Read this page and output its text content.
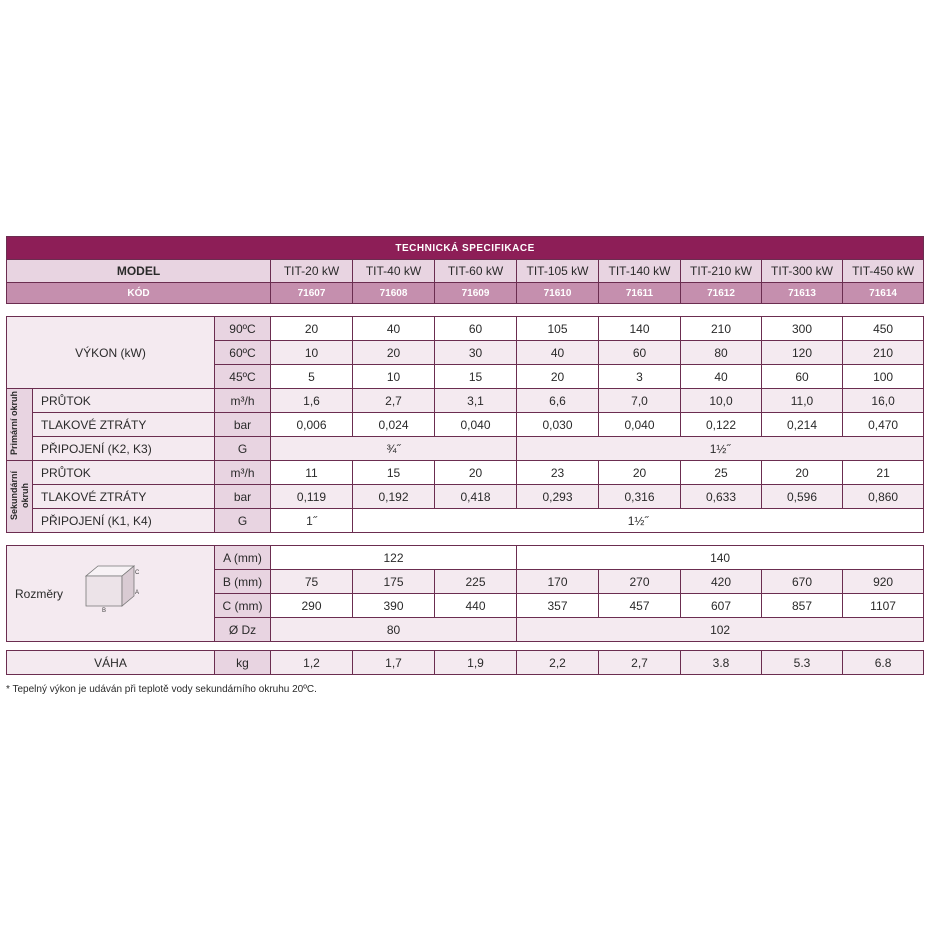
TECHNICKÁ SPECIFIKACE										
MODEL			TIT-20 kW	TIT-40 kW	TIT-60 kW	TIT-105 kW	TIT-140 kW	TIT-210 kW	TIT-300 kW	TIT-450 kW
KÓD			71607	71608	71609	71610	71611	71612	71613	71614

VÝKON (kW)		90ºC	20	40	60	105	140	210	300	450
		60ºC	10	20	30	40	60	80	120	210
		45ºC	5	10	15	20	3	40	60	100
Primární okruh	PRŮTOK	m³/h	1,6	2,7	3,1	6,6	7,0	10,0	11,0	16,0
	TLAKOVÉ ZTRÁTY	bar	0,006	0,024	0,040	0,030	0,040	0,122	0,214	0,470
	PŘIPOJENÍ (K2, K3)	G	¾˝			1½˝				
Sekundární okruh	PRŮTOK	m³/h	11	15	20	23	20	25	20	21
	TLAKOVÉ ZTRÁTY	bar	0,119	0,192	0,418	0,293	0,316	0,633	0,596	0,860
	PŘIPOJENÍ (K1, K4)	G	1˝	1½˝						

Rozměry
C
A
B		A (mm)	122			140				
		B (mm)	75	175	225	170	270	420	670	920
		C (mm)	290	390	440	357	457	607	857	1107
		Ø Dz	80			102				

VÁHA		kg	1,2	1,7	1,9	2,2	2,7	3.8	5.3	6.8
* Tepelný výkon je udáván při teplotě vody sekundárního okruhu 20ºC.
